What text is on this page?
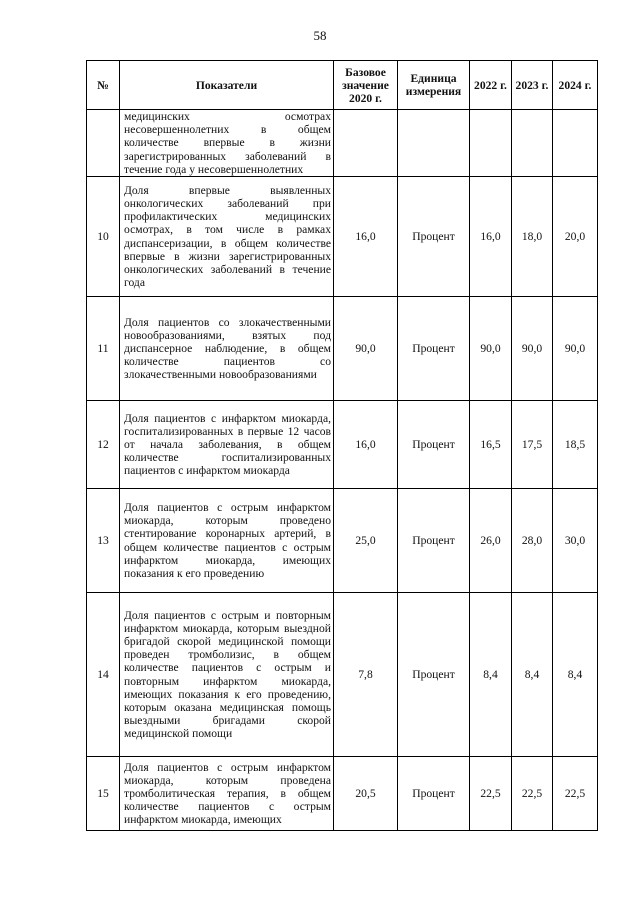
58
№	Показатели	Базовое значение 2020 г.	Единица измерения	2022 г.	2023 г.	2024 г.
	медицинских осмотрах несовершеннолетних в общем количестве впервые в жизни зарегистрированных заболеваний в течение года у несовершеннолетних					
10	Доля впервые выявленных онкологических заболеваний при профилактических медицинских осмотрах, в том числе в рамках диспансеризации, в общем количестве впервые в жизни зарегистрированных онкологических заболеваний в течение года	16,0	Процент	16,0	18,0	20,0
11	Доля пациентов со злокачественными новообразованиями, взятых под диспансерное наблюдение, в общем количестве пациентов со злокачественными новообразованиями	90,0	Процент	90,0	90,0	90,0
12	Доля пациентов с инфарктом миокарда, госпитализированных в первые 12 часов от начала заболевания, в общем количестве госпитализированных пациентов с инфарктом миокарда	16,0	Процент	16,5	17,5	18,5
13	Доля пациентов с острым инфарктом миокарда, которым проведено стентирование коронарных артерий, в общем количестве пациентов с острым инфарктом миокарда, имеющих показания к его проведению	25,0	Процент	26,0	28,0	30,0
14	Доля пациентов с острым и повторным инфарктом миокарда, которым выездной бригадой скорой медицинской помощи проведен тромболизис, в общем количестве пациентов с острым и повторным инфарктом миокарда, имеющих показания к его проведению, которым оказана медицинская помощь выездными бригадами скорой медицинской помощи	7,8	Процент	8,4	8,4	8,4
15	Доля пациентов с острым инфарктом миокарда, которым проведена тромболитическая терапия, в общем количестве пациентов с острым инфарктом миокарда, имеющих	20,5	Процент	22,5	22,5	22,5
